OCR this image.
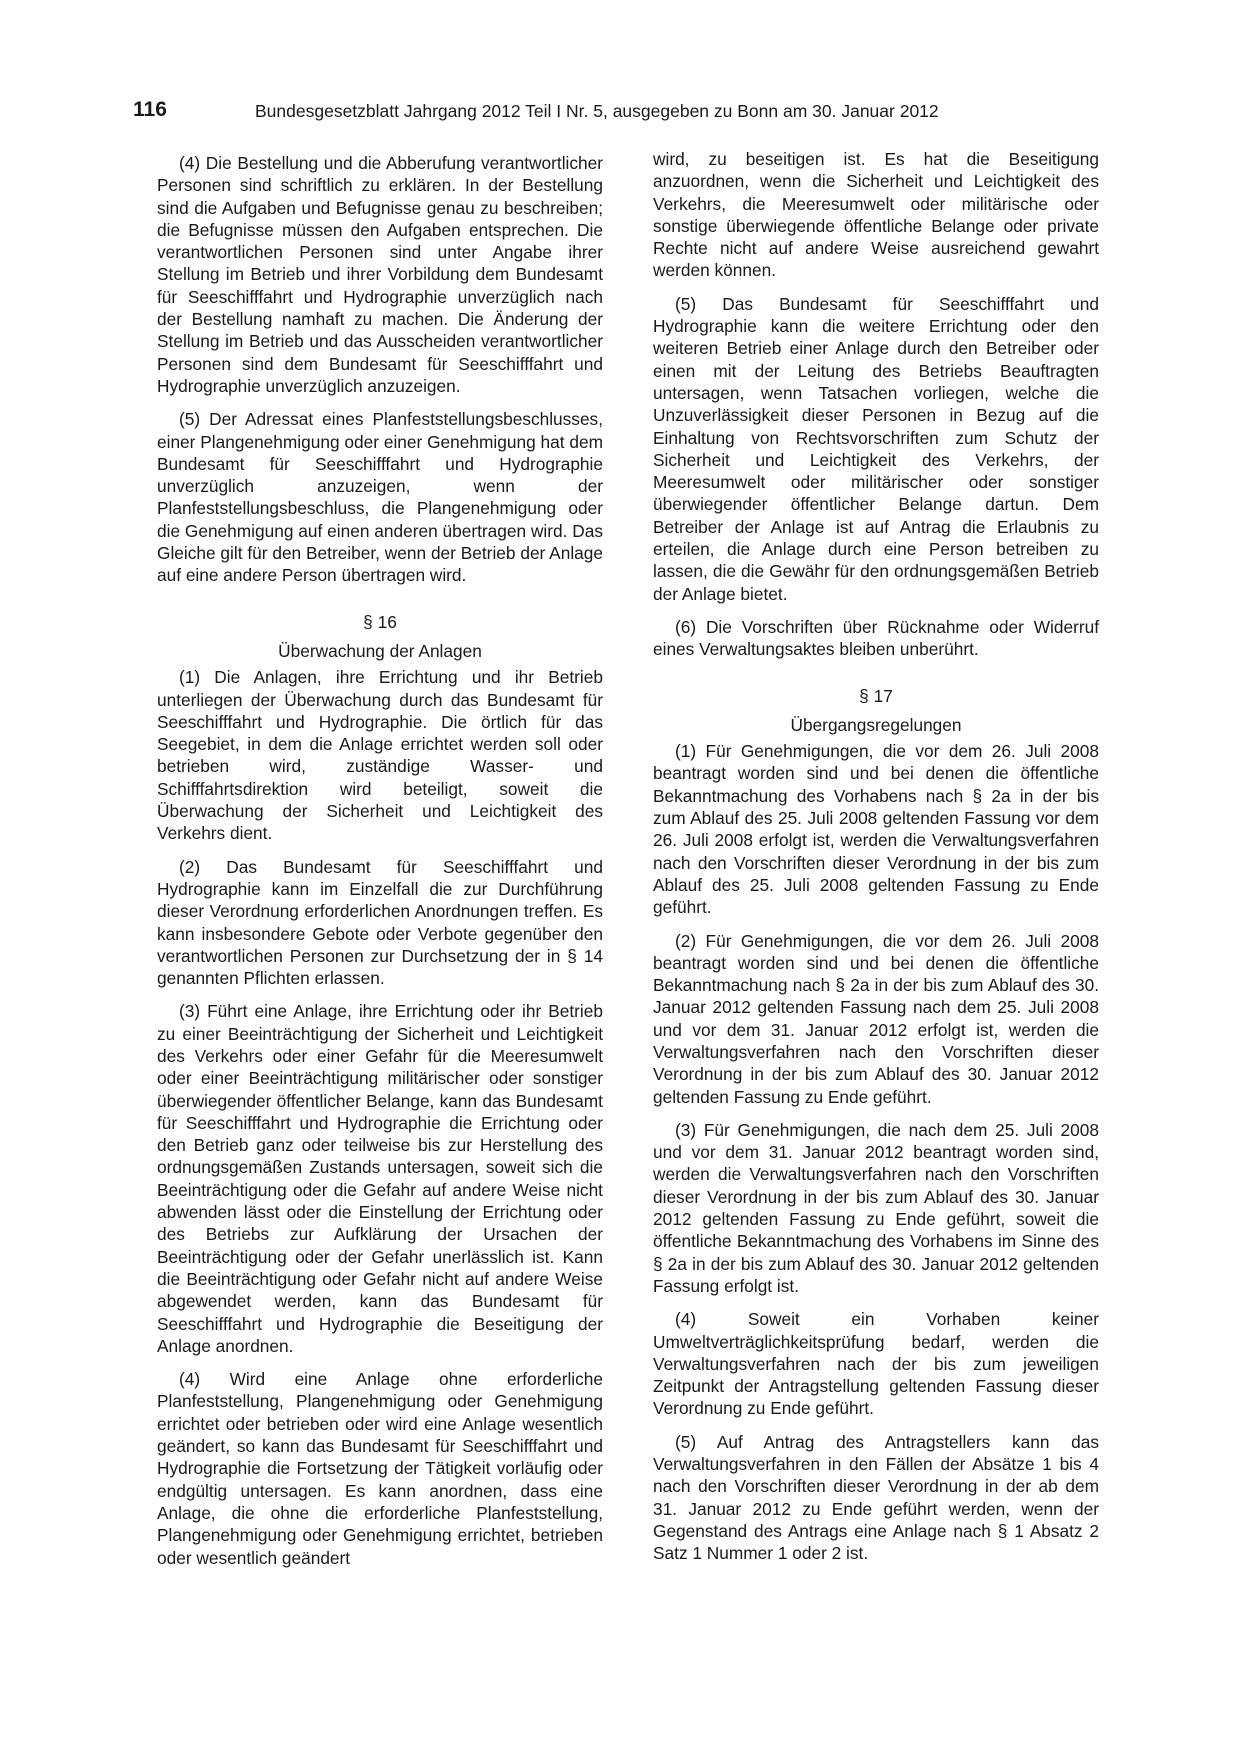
116	Bundesgesetzblatt Jahrgang 2012 Teil I Nr. 5, ausgegeben zu Bonn am 30. Januar 2012

(4) Die Bestellung und die Abberufung verantwortlicher Personen sind schriftlich zu erklären. In der Bestellung sind die Aufgaben und Befugnisse genau zu beschreiben; die Befugnisse müssen den Aufgaben entsprechen. Die verantwortlichen Personen sind unter Angabe ihrer Stellung im Betrieb und ihrer Vorbildung dem Bundesamt für Seeschifffahrt und Hydrographie unverzüglich nach der Bestellung namhaft zu machen. Die Änderung der Stellung im Betrieb und das Ausscheiden verantwortlicher Personen sind dem Bundesamt für Seeschifffahrt und Hydrographie unverzüglich anzuzeigen.

(5) Der Adressat eines Planfeststellungsbeschlusses, einer Plangenehmigung oder einer Genehmigung hat dem Bundesamt für Seeschifffahrt und Hydrographie unverzüglich anzuzeigen, wenn der Planfeststellungsbeschluss, die Plangenehmigung oder die Genehmigung auf einen anderen übertragen wird. Das Gleiche gilt für den Betreiber, wenn der Betrieb der Anlage auf eine andere Person übertragen wird.

§ 16
Überwachung der Anlagen

(1) Die Anlagen, ihre Errichtung und ihr Betrieb unterliegen der Überwachung durch das Bundesamt für Seeschifffahrt und Hydrographie. Die örtlich für das Seegebiet, in dem die Anlage errichtet werden soll oder betrieben wird, zuständige Wasser- und Schifffahrtsdirektion wird beteiligt, soweit die Überwachung der Sicherheit und Leichtigkeit des Verkehrs dient.

(2) Das Bundesamt für Seeschifffahrt und Hydrographie kann im Einzelfall die zur Durchführung dieser Verordnung erforderlichen Anordnungen treffen. Es kann insbesondere Gebote oder Verbote gegenüber den verantwortlichen Personen zur Durchsetzung der in § 14 genannten Pflichten erlassen.

(3) Führt eine Anlage, ihre Errichtung oder ihr Betrieb zu einer Beeinträchtigung der Sicherheit und Leichtigkeit des Verkehrs oder einer Gefahr für die Meeresumwelt oder einer Beeinträchtigung militärischer oder sonstiger überwiegender öffentlicher Belange, kann das Bundesamt für Seeschifffahrt und Hydrographie die Errichtung oder den Betrieb ganz oder teilweise bis zur Herstellung des ordnungsgemäßen Zustands untersagen, soweit sich die Beeinträchtigung oder die Gefahr auf andere Weise nicht abwenden lässt oder die Einstellung der Errichtung oder des Betriebs zur Aufklärung der Ursachen der Beeinträchtigung oder der Gefahr unerlässlich ist. Kann die Beeinträchtigung oder Gefahr nicht auf andere Weise abgewendet werden, kann das Bundesamt für Seeschifffahrt und Hydrographie die Beseitigung der Anlage anordnen.

(4) Wird eine Anlage ohne erforderliche Planfeststellung, Plangenehmigung oder Genehmigung errichtet oder betrieben oder wird eine Anlage wesentlich geändert, so kann das Bundesamt für Seeschifffahrt und Hydrographie die Fortsetzung der Tätigkeit vorläufig oder endgültig untersagen. Es kann anordnen, dass eine Anlage, die ohne die erforderliche Planfeststellung, Plangenehmigung oder Genehmigung errichtet, betrieben oder wesentlich geändert

wird, zu beseitigen ist. Es hat die Beseitigung anzuordnen, wenn die Sicherheit und Leichtigkeit des Verkehrs, die Meeresumwelt oder militärische oder sonstige überwiegende öffentliche Belange oder private Rechte nicht auf andere Weise ausreichend gewahrt werden können.

(5) Das Bundesamt für Seeschifffahrt und Hydrographie kann die weitere Errichtung oder den weiteren Betrieb einer Anlage durch den Betreiber oder einen mit der Leitung des Betriebs Beauftragten untersagen, wenn Tatsachen vorliegen, welche die Unzuverlässigkeit dieser Personen in Bezug auf die Einhaltung von Rechtsvorschriften zum Schutz der Sicherheit und Leichtigkeit des Verkehrs, der Meeresumwelt oder militärischer oder sonstiger überwiegender öffentlicher Belange dartun. Dem Betreiber der Anlage ist auf Antrag die Erlaubnis zu erteilen, die Anlage durch eine Person betreiben zu lassen, die die Gewähr für den ordnungsgemäßen Betrieb der Anlage bietet.

(6) Die Vorschriften über Rücknahme oder Widerruf eines Verwaltungsaktes bleiben unberührt.

§ 17
Übergangsregelungen

(1) Für Genehmigungen, die vor dem 26. Juli 2008 beantragt worden sind und bei denen die öffentliche Bekanntmachung des Vorhabens nach § 2a in der bis zum Ablauf des 25. Juli 2008 geltenden Fassung vor dem 26. Juli 2008 erfolgt ist, werden die Verwaltungsverfahren nach den Vorschriften dieser Verordnung in der bis zum Ablauf des 25. Juli 2008 geltenden Fassung zu Ende geführt.

(2) Für Genehmigungen, die vor dem 26. Juli 2008 beantragt worden sind und bei denen die öffentliche Bekanntmachung nach § 2a in der bis zum Ablauf des 30. Januar 2012 geltenden Fassung nach dem 25. Juli 2008 und vor dem 31. Januar 2012 erfolgt ist, werden die Verwaltungsverfahren nach den Vorschriften dieser Verordnung in der bis zum Ablauf des 30. Januar 2012 geltenden Fassung zu Ende geführt.

(3) Für Genehmigungen, die nach dem 25. Juli 2008 und vor dem 31. Januar 2012 beantragt worden sind, werden die Verwaltungsverfahren nach den Vorschriften dieser Verordnung in der bis zum Ablauf des 30. Januar 2012 geltenden Fassung zu Ende geführt, soweit die öffentliche Bekanntmachung des Vorhabens im Sinne des § 2a in der bis zum Ablauf des 30. Januar 2012 geltenden Fassung erfolgt ist.

(4) Soweit ein Vorhaben keiner Umweltverträglichkeitsprüfung bedarf, werden die Verwaltungsverfahren nach der bis zum jeweiligen Zeitpunkt der Antragstellung geltenden Fassung dieser Verordnung zu Ende geführt.

(5) Auf Antrag des Antragstellers kann das Verwaltungsverfahren in den Fällen der Absätze 1 bis 4 nach den Vorschriften dieser Verordnung in der ab dem 31. Januar 2012 zu Ende geführt werden, wenn der Gegenstand des Antrags eine Anlage nach § 1 Absatz 2 Satz 1 Nummer 1 oder 2 ist.
